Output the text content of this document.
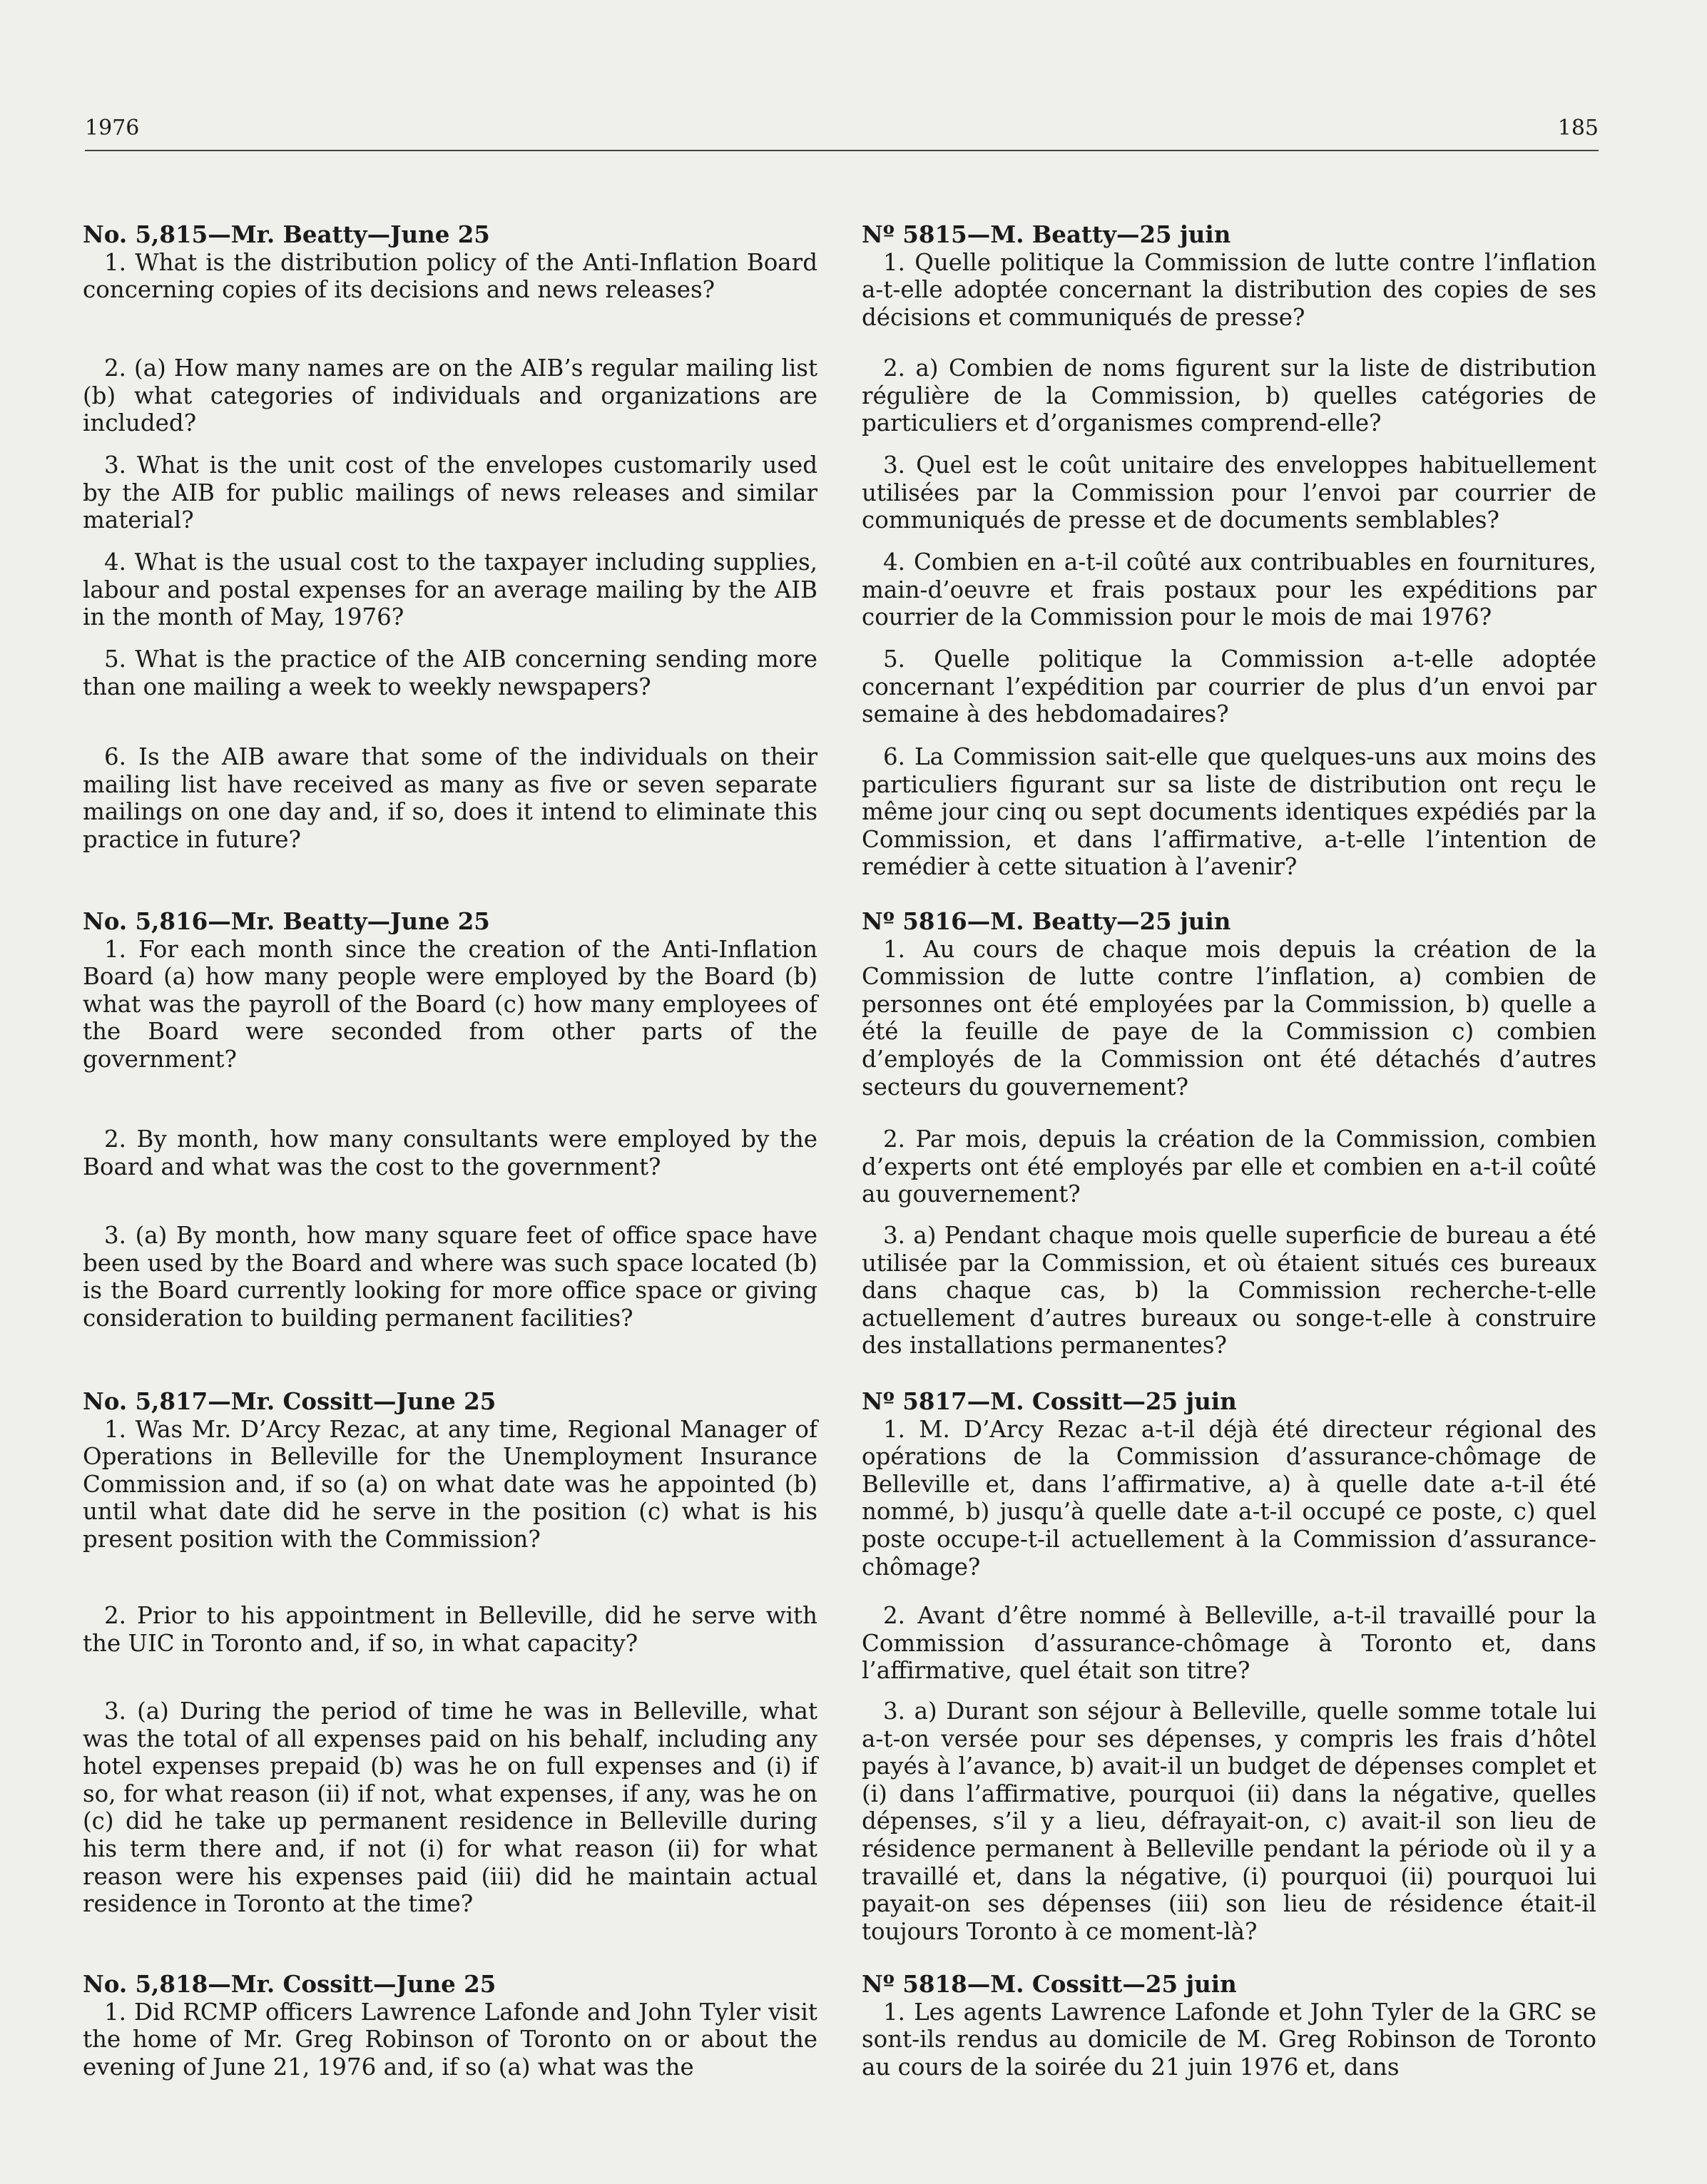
1976	185
No. 5,815—Mr. Beatty—June 25

1. What is the distribution policy of the Anti-Inflation Board concerning copies of its decisions and news releases?

2. (a) How many names are on the AIB’s regular mailing list (b) what categories of individuals and organizations are included?

3. What is the unit cost of the envelopes customarily used by the AIB for public mailings of news releases and similar material?

4. What is the usual cost to the taxpayer including supplies, labour and postal expenses for an average mailing by the AIB in the month of May, 1976?

5. What is the practice of the AIB concerning sending more than one mailing a week to weekly newspapers?

6. Is the AIB aware that some of the individuals on their mailing list have received as many as five or seven separate mailings on one day and, if so, does it intend to eliminate this practice in future?

No. 5,816—Mr. Beatty—June 25

1. For each month since the creation of the Anti-Inflation Board (a) how many people were employed by the Board (b) what was the payroll of the Board (c) how many employees of the Board were seconded from other parts of the government?

2. By month, how many consultants were employed by the Board and what was the cost to the government?

3. (a) By month, how many square feet of office space have been used by the Board and where was such space located (b) is the Board currently looking for more office space or giving consideration to building permanent facilities?

No. 5,817—Mr. Cossitt—June 25

1. Was Mr. D’Arcy Rezac, at any time, Regional Manager of Operations in Belleville for the Unemployment Insurance Commission and, if so (a) on what date was he appointed (b) until what date did he serve in the position (c) what is his present position with the Commission?

2. Prior to his appointment in Belleville, did he serve with the UIC in Toronto and, if so, in what capacity?

3. (a) During the period of time he was in Belleville, what was the total of all expenses paid on his behalf, including any hotel expenses prepaid (b) was he on full expenses and (i) if so, for what reason (ii) if not, what expenses, if any, was he on (c) did he take up permanent residence in Belleville during his term there and, if not (i) for what reason (ii) for what reason were his expenses paid (iii) did he maintain actual residence in Toronto at the time?

No. 5,818—Mr. Cossitt—June 25

1. Did RCMP officers Lawrence Lafonde and John Tyler visit the home of Mr. Greg Robinson of Toronto on or about the evening of June 21, 1976 and, if so (a) what was the

Nº 5815—M. Beatty—25 juin

1. Quelle politique la Commission de lutte contre l’inflation a-t-elle adoptée concernant la distribution des copies de ses décisions et communiqués de presse?

2. a) Combien de noms figurent sur la liste de distribution régulière de la Commission, b) quelles catégories de particuliers et d’organismes comprend-elle?

3. Quel est le coût unitaire des enveloppes habituellement utilisées par la Commission pour l’envoi par courrier de communiqués de presse et de documents semblables?

4. Combien en a-t-il coûté aux contribuables en fournitures, main-d’oeuvre et frais postaux pour les expéditions par courrier de la Commission pour le mois de mai 1976?

5. Quelle politique la Commission a-t-elle adoptée concernant l’expédition par courrier de plus d’un envoi par semaine à des hebdomadaires?

6. La Commission sait-elle que quelques-uns aux moins des particuliers figurant sur sa liste de distribution ont reçu le même jour cinq ou sept documents identiques expédiés par la Commission, et dans l’affirmative, a-t-elle l’intention de remédier à cette situation à l’avenir?

Nº 5816—M. Beatty—25 juin

1. Au cours de chaque mois depuis la création de la Commission de lutte contre l’inflation, a) combien de personnes ont été employées par la Commission, b) quelle a été la feuille de paye de la Commission c) combien d’employés de la Commission ont été détachés d’autres secteurs du gouvernement?

2. Par mois, depuis la création de la Commission, combien d’experts ont été employés par elle et combien en a-t-il coûté au gouvernement?

3. a) Pendant chaque mois quelle superficie de bureau a été utilisée par la Commission, et où étaient situés ces bureaux dans chaque cas, b) la Commission recherche-t-elle actuellement d’autres bureaux ou songe-t-elle à construire des installations permanentes?

Nº 5817—M. Cossitt—25 juin

1. M. D’Arcy Rezac a-t-il déjà été directeur régional des opérations de la Commission d’assurance-chômage de Belleville et, dans l’affirmative, a) à quelle date a-t-il été nommé, b) jusqu’à quelle date a-t-il occupé ce poste, c) quel poste occupe-t-il actuellement à la Commission d’assurance-chômage?

2. Avant d’être nommé à Belleville, a-t-il travaillé pour la Commission d’assurance-chômage à Toronto et, dans l’affirmative, quel était son titre?

3. a) Durant son séjour à Belleville, quelle somme totale lui a-t-on versée pour ses dépenses, y compris les frais d’hôtel payés à l’avance, b) avait-il un budget de dépenses complet et (i) dans l’affirmative, pourquoi (ii) dans la négative, quelles dépenses, s’il y a lieu, défrayait-on, c) avait-il son lieu de résidence permanent à Belleville pendant la période où il y a travaillé et, dans la négative, (i) pourquoi (ii) pourquoi lui payait-on ses dépenses (iii) son lieu de résidence était-il toujours Toronto à ce moment-là?

Nº 5818—M. Cossitt—25 juin

1. Les agents Lawrence Lafonde et John Tyler de la GRC se sont-ils rendus au domicile de M. Greg Robinson de Toronto au cours de la soirée du 21 juin 1976 et, dans
